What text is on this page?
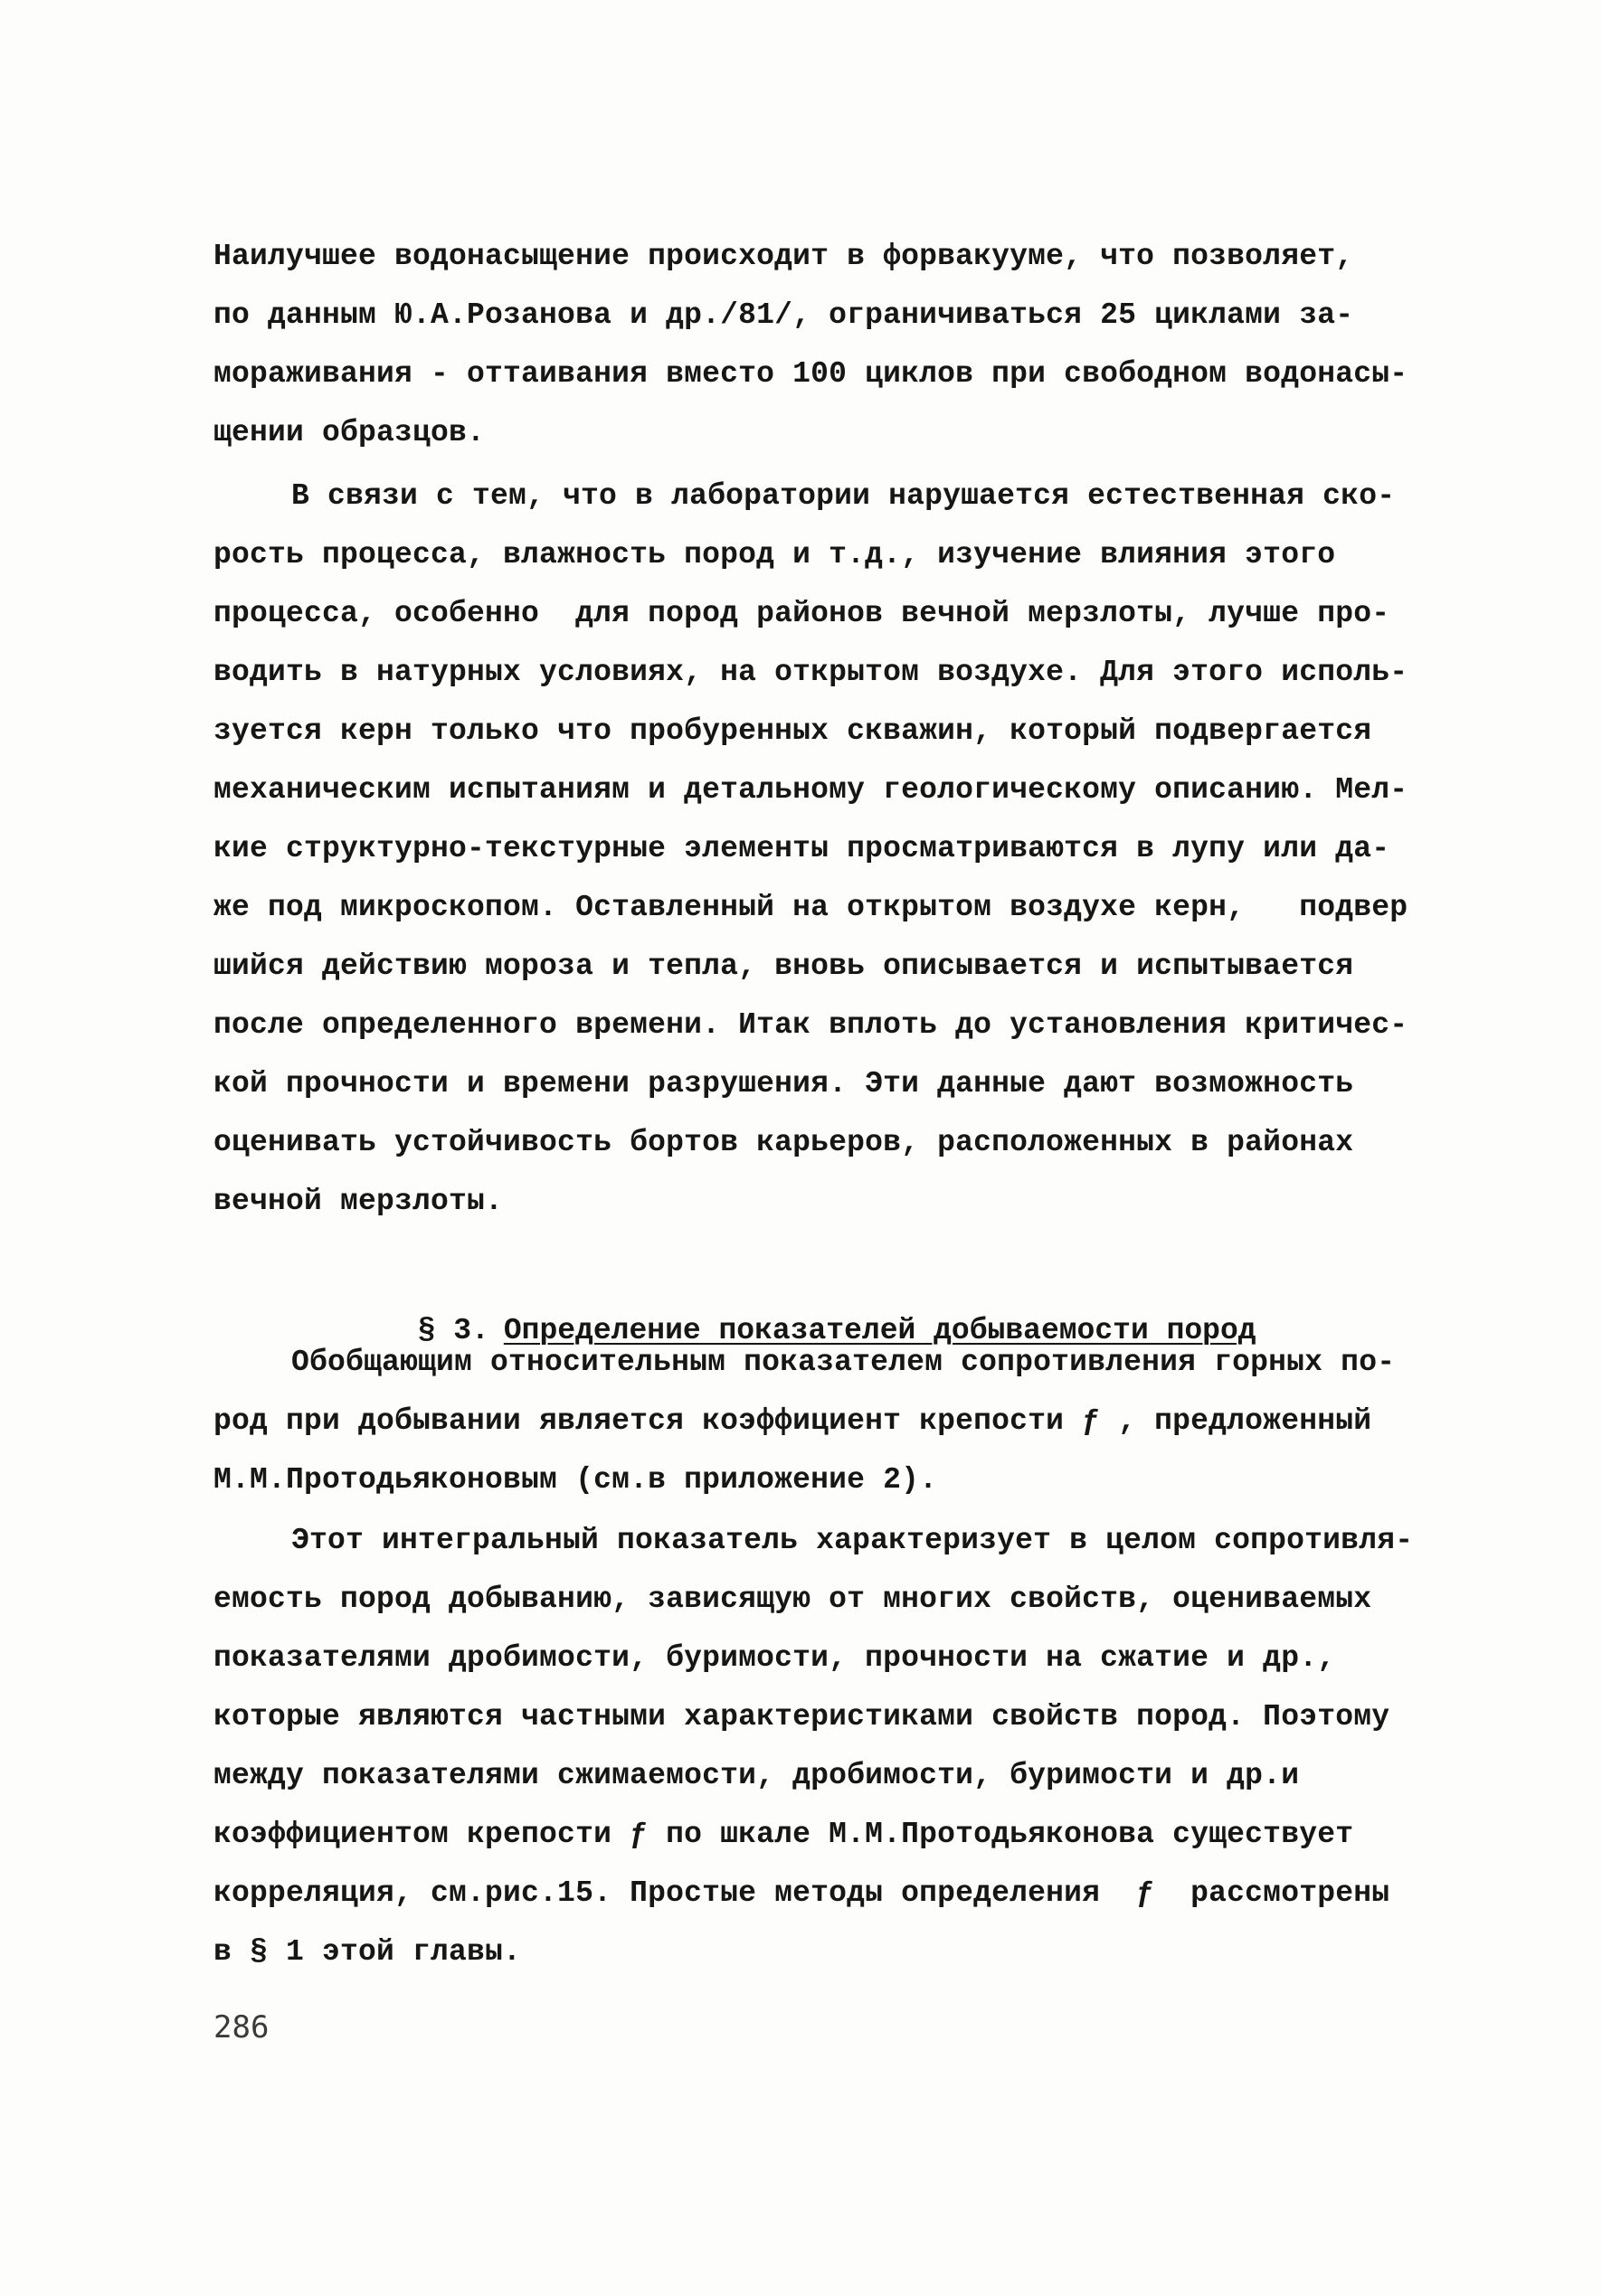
Наилучшее водонасыщение происходит в форвакууме, что позволяет,
по данным Ю.А.Розанова и др./81/, ограничиваться 25 циклами за-
мораживания - оттаивания вместо 100 циклов при свободном водонасы-
щении образцов.
В связи с тем, что в лаборатории нарушается естественная ско-
рость процесса, влажность пород и т.д., изучение влияния этого
процесса, особенно  для пород районов вечной мерзлоты, лучше про-
водить в натурных условиях, на открытом воздухе. Для этого исполь-
зуется керн только что пробуренных скважин, который подвергается
механическим испытаниям и детальному геологическому описанию. Мел-
кие структурно-текстурные элементы просматриваются в лупу или да-
же под микроскопом. Оставленный на открытом воздухе керн,   подвер
шийся действию мороза и тепла, вновь описывается и испытывается
после определенного времени. Итак вплоть до установления критичес-
кой прочности и времени разрушения. Эти данные дают возможность
оценивать устойчивость бортов карьеров, расположенных в районах
вечной мерзлоты.

§ 3. Определение показателей добываемости пород

Обобщающим относительным показателем сопротивления горных по-
род при добывании является коэффициент крепости ƒ , предложенный
М.М.Протодьяконовым (см.в приложение 2).
Этот интегральный показатель характеризует в целом сопротивля-
емость пород добыванию, зависящую от многих свойств, оцениваемых
показателями дробимости, буримости, прочности на сжатие и др.,
которые являются частными характеристиками свойств пород. Поэтому
между показателями сжимаемости, дробимости, буримости и др.и
коэффициентом крепости ƒ по шкале М.М.Протодьяконова существует
корреляция, см.рис.15. Простые методы определения  ƒ  рассмотрены
в § 1 этой главы.
286
